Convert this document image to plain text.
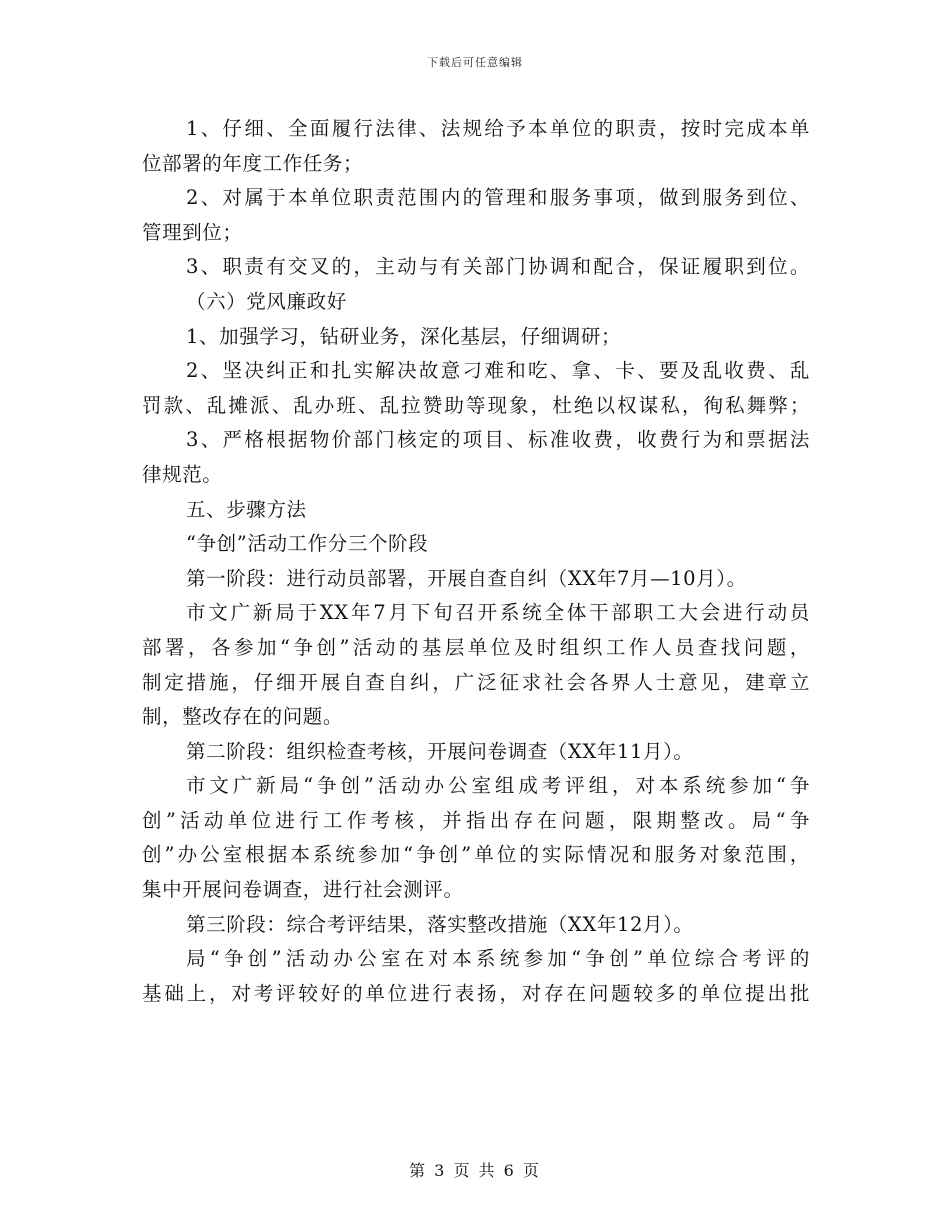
下载后可任意编辑
1、仔细、全面履行法律、法规给予本单位的职责，按时完成本单
位部署的年度工作任务；
2、对属于本单位职责范围内的管理和服务事项，做到服务到位、
管理到位；
3、职责有交叉的，主动与有关部门协调和配合，保证履职到位。
（六）党风廉政好
1、加强学习，钻研业务，深化基层，仔细调研；
2、坚决纠正和扎实解决故意刁难和吃、拿、卡、要及乱收费、乱
罚款、乱摊派、乱办班、乱拉赞助等现象，杜绝以权谋私，徇私舞弊；
3、严格根据物价部门核定的项目、标准收费，收费行为和票据法
律规范。
五、步骤方法
“争创”活动工作分三个阶段
第一阶段：进行动员部署，开展自查自纠（XX年7月—10月）。
市文广新局于XX年7月下旬召开系统全体干部职工大会进行动员
部署，各参加“争创”活动的基层单位及时组织工作人员查找问题，
制定措施，仔细开展自查自纠，广泛征求社会各界人士意见，建章立
制，整改存在的问题。
第二阶段：组织检查考核，开展问卷调查（XX年11月）。
市文广新局“争创”活动办公室组成考评组，对本系统参加“争
创”活动单位进行工作考核，并指出存在问题，限期整改。局“争
创”办公室根据本系统参加“争创”单位的实际情况和服务对象范围，
集中开展问卷调查，进行社会测评。
第三阶段：综合考评结果，落实整改措施（XX年12月）。
局“争创”活动办公室在对本系统参加“争创”单位综合考评的
基础上，对考评较好的单位进行表扬，对存在问题较多的单位提出批
第 3 页 共 6 页
